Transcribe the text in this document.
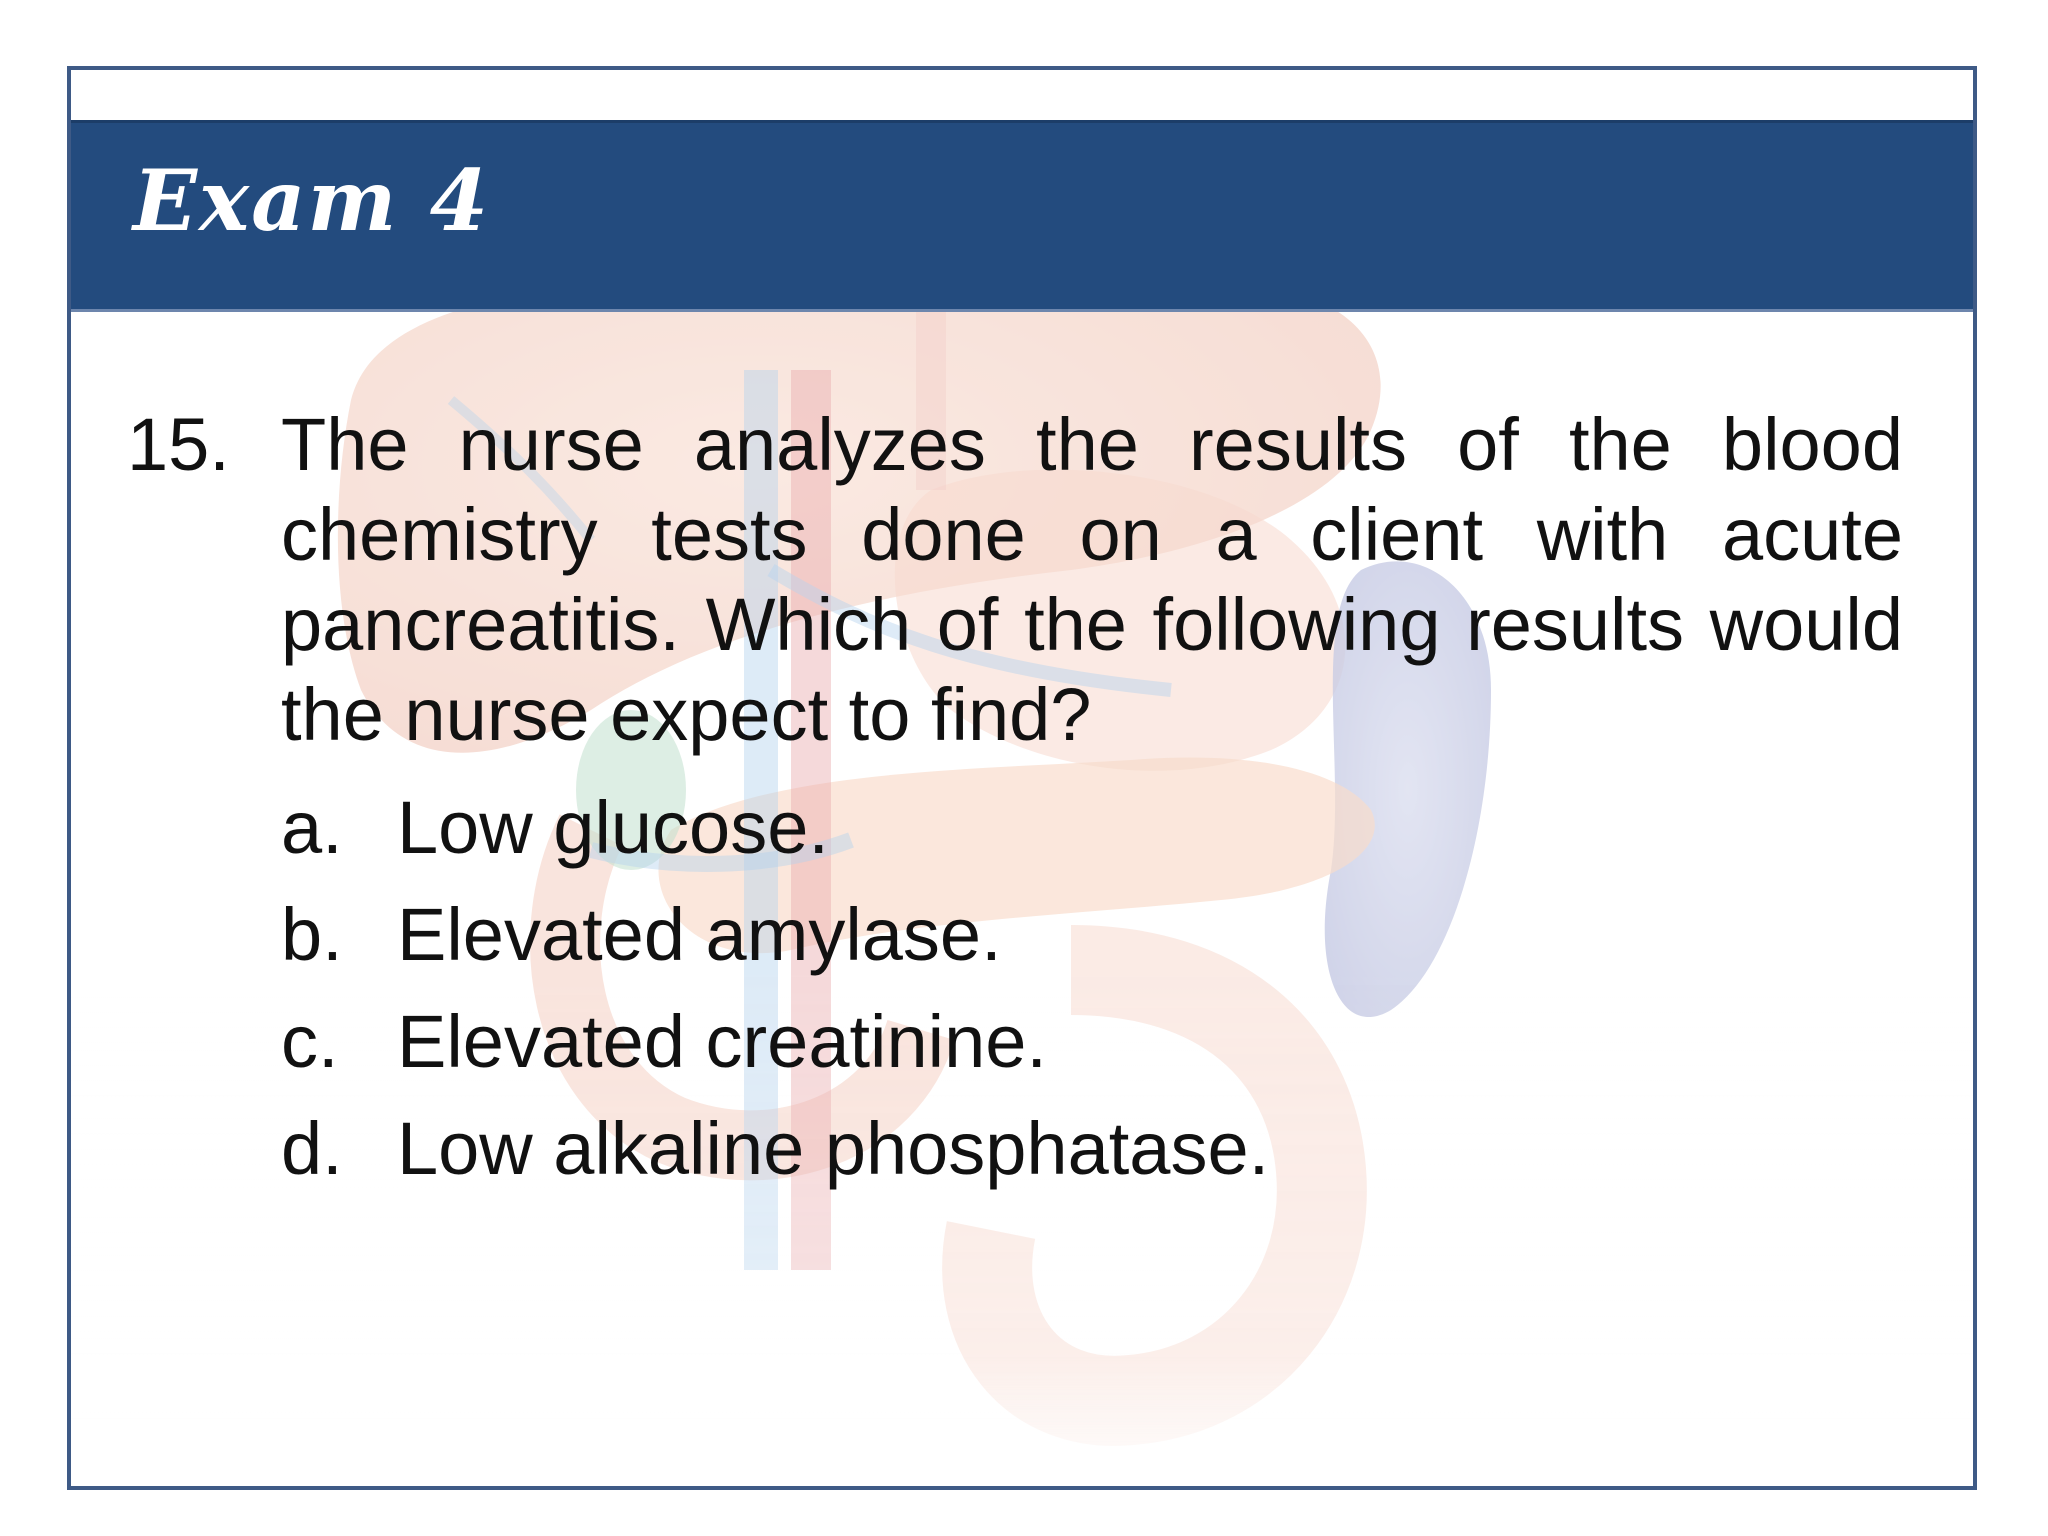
Exam 4
15. The nurse analyzes the results of the blood chemistry tests done on a client with acute pancreatitis. Which of the following results would the nurse expect to find?
a. Low glucose.
b. Elevated amylase.
c. Elevated creatinine.
d. Low alkaline phosphatase.
